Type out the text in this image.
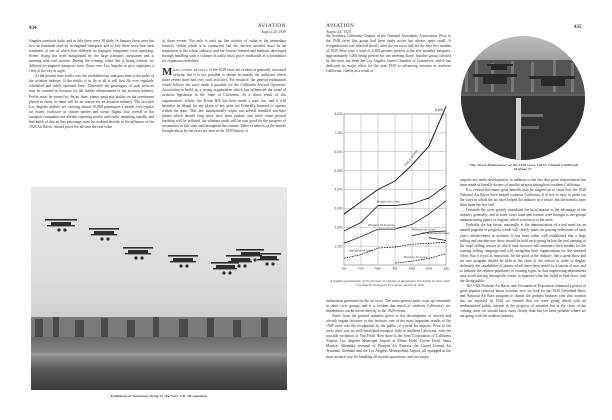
434	AVIATION
August 24, 1929

Angeles terminals daily, and in July there were 38 daily. In January there were but two air terminals used by tri-engined transports and in July there were four such terminals, at one of which four different air transport companies were operating. Scenic flying has been inaugurated by the large transport companies and is meeting with real success. During the evening when this is being written, six different tri-engined transports have flown over Los Angeles to give sightseers a view of the city at night.

At the present time traffic over the established air transport lines is the pulse of the aviation industry. If the public is to fly at all it will first fly over regularly scheduled and safely operated lines. Thereafter the passengers of such services may be counted as boosters for the further advancement of the aviation industry. Profits must be earned by the air lines, planes must pay profits on the investment placed in them, or there will be no reason for an aviation industry. The fact that Los Angeles airlines are carrying almost 10,000 passengers a month over regular air routes, exclusive of charter parties and scenic flights, that several of the transport companies are already reporting profits and traffic mounting rapidly, and that much of this air line patronage must be credited directly to the influence of the 1928 Air Races, should prove for all time the real value

of those events. Not only is such air line activity of value to the immediate territory within which it is conducted, but the success attained must be an inspiration to the whole industry, and the lessons learned and methods developed through handling such a volume of traffic must prove invaluable as a foundation for expansion elsewhere.

Many other results of the 1928 races are evident in generally increased activity, but it is not possible to define accurately the influence which those events have had over such activities. For instance, the general enthusiasm which follows the races made it possible for the California Aircraft Operators' Association to build up a strong organization which has influenced the trend of aviation legislation in the State of California. As a direct result of this organization's efforts, the Evans Bill has been made a state law, and it will hereafter be illegal for any plane or any pilot not Federally licensed to operate within the state. This law automatically wipes out several hundred war-time planes which should long since have been junked, and while some present hardship will be inflicted, the ultimate result will be vast good for the progress of aeronautics in this state and throughout the country. Other evidences of the benefit brought about by the races are seen in the 1929 history of

Exhibition of formation flying by the Navy V.B. 1B squadron
AVIATION
August 24, 1929
435

the Southern California Chapter of the National Aeronautic Association. Prior to the 1928 races this group had been fairly active but always quite small. A reorganization was effected shortly after the air races and for the first five months of 1929 there were a total of 2,300 persons present at the five monthly banquets, approximately 1,000 being present for one meeting alone. Another group affected by the races has been the Los Angeles Junior Chamber of Commerce, which has dedicated its major effort for the year 1929 to advancing aviation in southern California, chiefly as a result of

1,000
2,000
3,000
4,000
5,000
6,000
7,000
8,000
Jan	Feb	Mar	Apr	May	June	July
Total of all lines
8,400
Maddux Air Lines
Western Air Express
Pickwick Air Lines
Continental Air Lines
Standard Air Lines
Mercury Air Lines
A graphic presentation of the increase in number of passengers carried by air lines from Los Angeles during the first seven months of 1929

enthusiasm generated by the air races. The same general spirit crops up constantly in other civic groups, and it is evident that much of southern California's air-mindedness can be traced directly to the 1928 events.

Aside from the general stimulus given to the development of aircraft and aircraft engine factories in this territory, one of the most important results of the 1928 races was the recognition by the public of a need for airports. Prior to the races there was no well-developed transport field in southern California, with the possible exception of Vail Field. Now there is the Aero Corporation of California Airport, Los Angeles Municipal Airport at Mines Field, Clover Field, Santa Monica, Alhambra terminal of Western Air Express, the Grand Central Air Terminal, Glendale and the Los Angeles Metropolitan Airport, all equipped in the most modern way for handling all aircraft operations; and two major

"The Three Musketeers" of the 1928 races, led by Colonel Lindbergh in plane 37

airports are under development, in addition to the fact that great improvement has been made at literally dozens of smaller airports throughout southern California.

It is evident that many great benefits may be singled out to show how the 1928 National Air Races have helped southern California. It is not so easy to point out the ways in which the air races helped the industry as a whole, but the benefits have been none the less real.

Certainly the races greatly stimulated the local market to the advantage of the industry generally, and in some cases fame and fortune were brought to the groups manufacturing planes or engines which won favor at the meet.

Probably the big factor, nationally, is the demonstration of a real need for an annual pageant of progress which will clearly mark the passing milestones of each year's advancement in aviation. It has been rather well established that a large selling and introductory show should be held each spring before the real opening of the retail selling season, at which time factories will announce their models for the coming selling campaign and will strengthen their organizations for the seasonal effort. But it is just as important, for the good of the industry, that a great show and air race program should be held at the close of the season in order to display definitely the capabilities of planes which have been tested by a season of use, and to indicate the relative popularity of existing types, so that engineering departments may avoid slaving through the winter to improve what has failed to find favor with the flying public.

The 1928 National Air Races and Aeronautical Exposition climaxed a period of great popular curiosity about aviation; now we look for the 1929 Cleveland Show and National Air Race program to climax the greatest business year that aviation has yet enjoyed. In 1928 we learned that we were going ahead with an undiminished public interest in the progress of aviation, but at the close of the coming show we should know more clearly than has yet been possible where we are going with the aviation industry.
